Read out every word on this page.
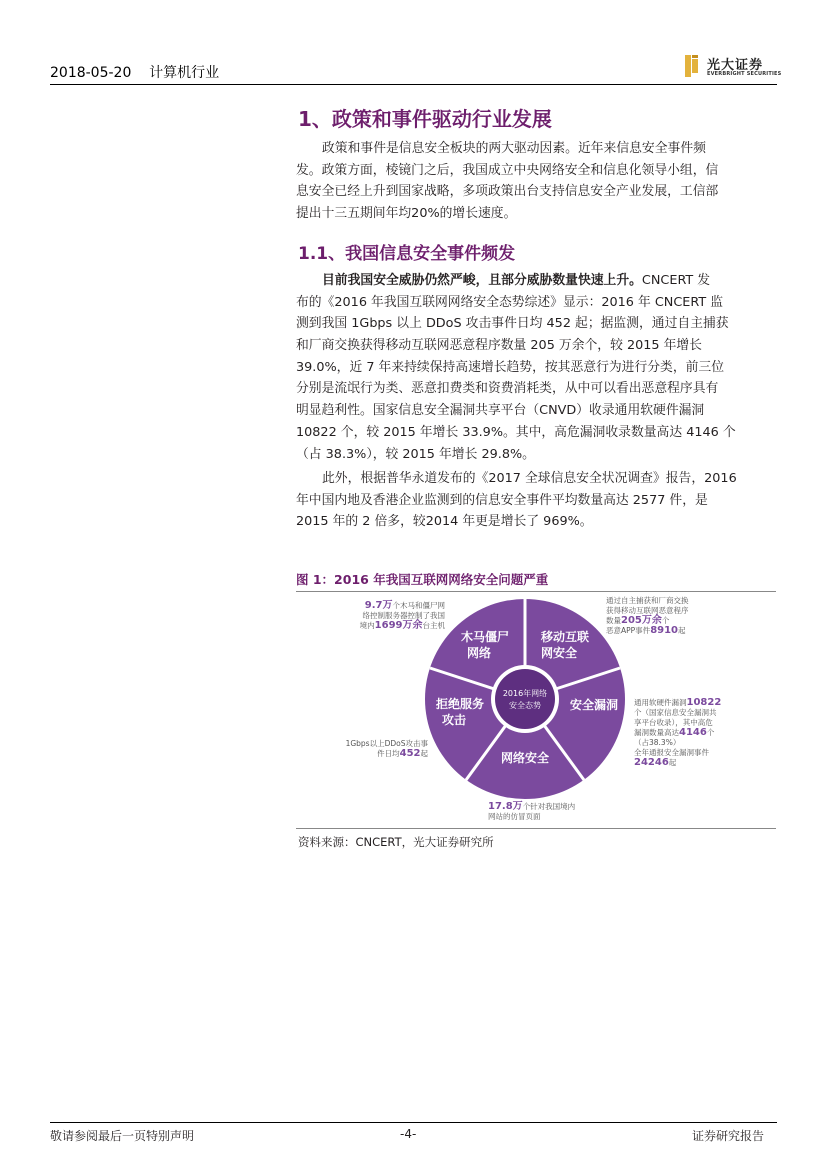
2018-05-20    计算机行业	光大证券
EVERBRIGHT SECURITIES
1、政策和事件驱动行业发展
政策和事件是信息安全板块的两大驱动因素。近年来信息安全事件频
发。政策方面，棱镜门之后，我国成立中央网络安全和信息化领导小组，信
息安全已经上升到国家战略，多项政策出台支持信息安全产业发展，工信部
提出十三五期间年均20%的增长速度。
1.1、我国信息安全事件频发
目前我国安全威胁仍然严峻，且部分威胁数量快速上升。CNCERT 发
布的《2016 年我国互联网网络安全态势综述》显示：2016 年 CNCERT 监
测到我国 1Gbps 以上 DDoS 攻击事件日均 452 起；据监测，通过自主捕获
和厂商交换获得移动互联网恶意程序数量 205 万余个，较 2015 年增长
39.0%，近 7 年来持续保持高速增长趋势，按其恶意行为进行分类，前三位
分别是流氓行为类、恶意扣费类和资费消耗类，从中可以看出恶意程序具有
明显趋利性。国家信息安全漏洞共享平台（CNVD）收录通用软硬件漏洞
10822 个，较 2015 年增长 33.9%。其中，高危漏洞收录数量高达 4146 个
（占 38.3%），较 2015 年增长 29.8%。
此外，根据普华永道发布的《2017 全球信息安全状况调查》报告，2016
年中国内地及香港企业监测到的信息安全事件平均数量高达 2577 件，是
2015 年的 2 倍多，较2014 年更是增长了 969%。
图 1：2016 年我国互联网网络安全问题严重
2016年网络
安全态势
木马僵尸
网络
移动互联
网安全
安全漏洞
网络安全
拒绝服务
攻击
9.7万个木马和僵尸网
络控制服务器控制了我国
境内1699万余台主机
通过自主捕获和厂商交换
获得移动互联网恶意程序
数量205万余个
恶意APP事件8910起
通用软硬件漏洞10822
个（国家信息安全漏洞共
享平台收录），其中高危
漏洞数量高达4146个
（占38.3%）
全年通报安全漏洞事件
24246起
1Gbps以上DDoS攻击事
件日均452起
17.8万个针对我国境内
网站的仿冒页面
资料来源：CNCERT，光大证券研究所
敬请参阅最后一页特别声明	-4-	证券研究报告
